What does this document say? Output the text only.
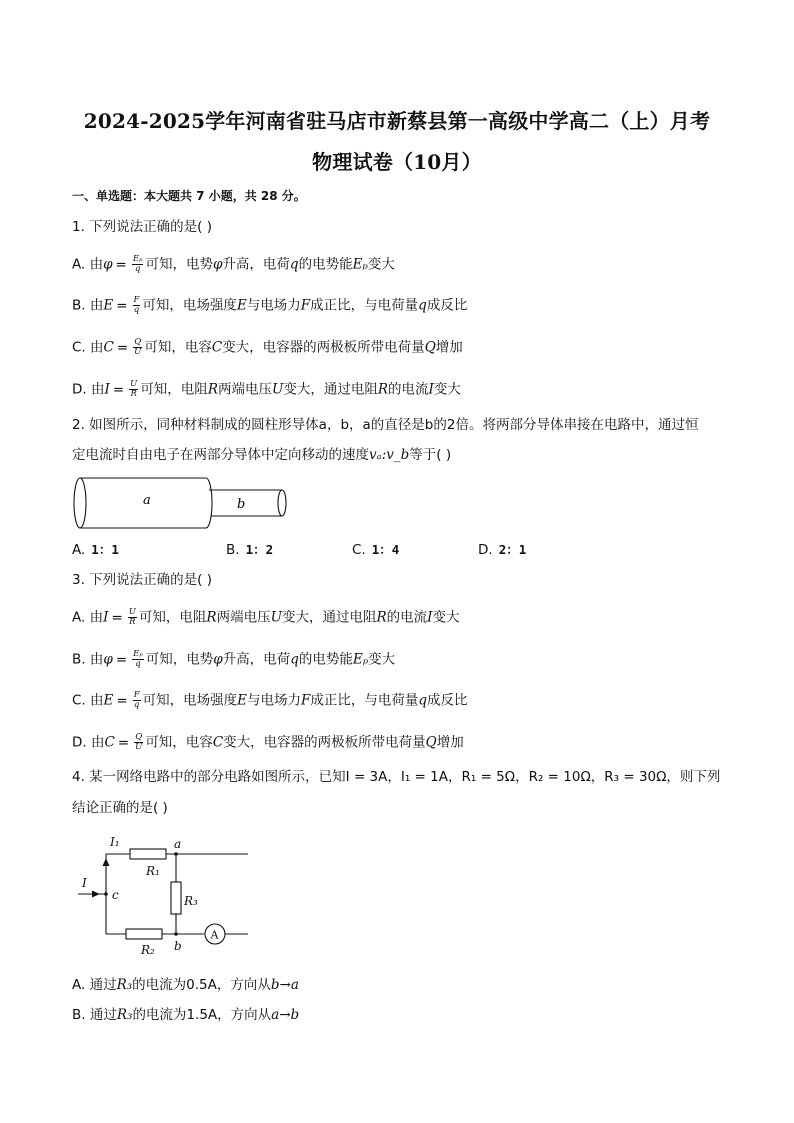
2024-2025学年河南省驻马店市新蔡县第一高级中学高二（上）月考
物理试卷（10月）
一、单选题：本大题共 7 小题，共 28 分。
1. 下列说法正确的是( )
A. 由$\varphi = \frac{\text{Eₚ}}{q}$ 可知，电势φ升高，电荷q的电势能Eₚ变大
B. 由$E = \frac{F}{q}$ 可知，电场强度E与电场力F成正比，与电荷量q成反比
C. 由$C = \frac{Q}{U}$ 可知，电容C变大，电容器的两极板所带电荷量Q增加
D. 由$I = \frac{U}{R}$ 可知，电阻R两端电压U变大，通过电阻R的电流I变大
2. 如图所示，同种材料制成的圆柱形导体a，b，a的直径是b的2倍。将两部分导体串接在电路中，通过恒
定电流时自由电子在两部分导体中定向移动的速度vₐ:v_b等于( )
a	b
A. 1：1	B. 1：2	C. 1：4	D. 2：1
3. 下列说法正确的是( )
A. 由$I = \frac{U}{R}$ 可知，电阻R两端电压U变大，通过电阻R的电流I变大
B. 由$\varphi = \frac{\text{Eₚ}}{q}$ 可知，电势φ升高，电荷q的电势能Eₚ变大
C. 由$E = \frac{F}{q}$ 可知，电场强度E与电场力F成正比，与电荷量q成反比
D. 由$C = \frac{Q}{U}$ 可知，电容C变大，电容器的两极板所带电荷量Q增加
4. 某一网络电路中的部分电路如图所示，已知I = 3A，I₁ = 1A，R₁ = 5Ω，R₂ = 10Ω，R₃ = 30Ω，则下列
结论正确的是( )
I₁
I
c
a
b
R₁
R₃
R₂
A
A. 通过R₃的电流为0.5A，方向从b→a
B. 通过R₃的电流为1.5A，方向从a→b
